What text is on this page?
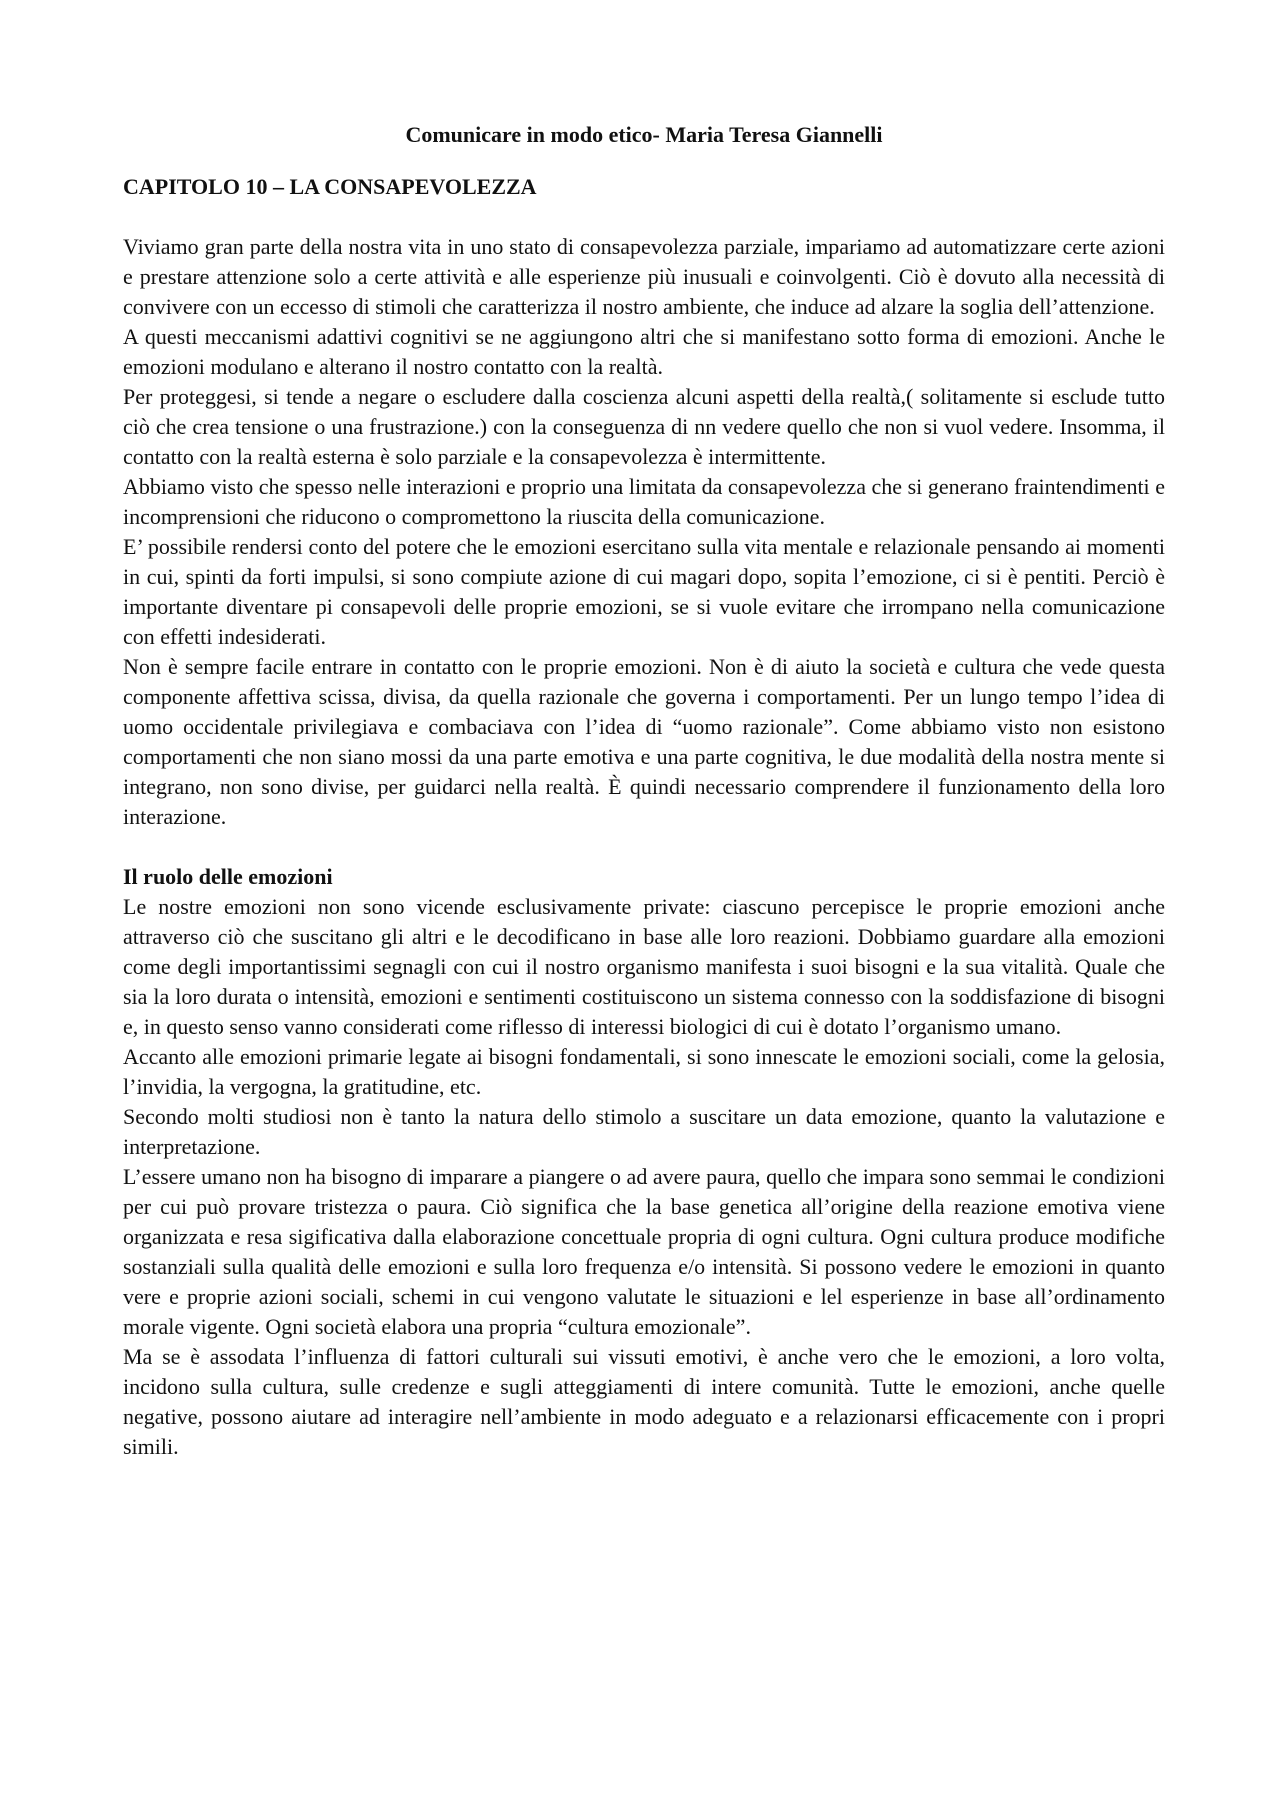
Comunicare in modo etico- Maria Teresa Giannelli
CAPITOLO 10 – LA CONSAPEVOLEZZA

Viviamo gran parte della nostra vita in uno stato di consapevolezza parziale, impariamo ad automatizzare certe azioni e prestare attenzione solo a certe attività e alle esperienze più inusuali e coinvolgenti. Ciò è dovuto alla necessità di convivere con un eccesso di stimoli che caratterizza il nostro ambiente, che induce ad alzare la soglia dell’attenzione.

A questi meccanismi adattivi cognitivi se ne aggiungono altri che si manifestano sotto forma di emozioni. Anche le emozioni modulano e alterano il nostro contatto con la realtà.

Per proteggesi, si tende a negare o escludere dalla coscienza alcuni aspetti della realtà,( solitamente si esclude tutto ciò che crea tensione o una frustrazione.) con la conseguenza di nn vedere quello che non si vuol vedere. Insomma, il contatto con la realtà esterna è solo parziale e la consapevolezza è intermittente.

Abbiamo visto che spesso nelle interazioni e proprio una limitata da consapevolezza che si generano fraintendimenti e incomprensioni che riducono o compromettono la riuscita della comunicazione.

E’ possibile rendersi conto del potere che le emozioni esercitano sulla vita mentale e relazionale pensando ai momenti in cui, spinti da forti impulsi, si sono compiute azione di cui magari dopo, sopita l’emozione, ci si è pentiti. Perciò è importante diventare pi consapevoli delle proprie emozioni, se si vuole evitare che irrompano nella comunicazione con effetti indesiderati.

Non è sempre facile entrare in contatto con le proprie emozioni. Non è di aiuto la società e cultura che vede questa componente affettiva scissa, divisa, da quella razionale che governa i comportamenti. Per un lungo tempo l’idea di uomo occidentale privilegiava e combaciava con l’idea di “uomo razionale”. Come abbiamo visto non esistono comportamenti che non siano mossi da una parte emotiva e una parte cognitiva, le due modalità della nostra mente si integrano, non sono divise, per guidarci nella realtà. È quindi necessario comprendere il funzionamento della loro interazione.

Il ruolo delle emozioni

Le nostre emozioni non sono vicende esclusivamente private: ciascuno percepisce le proprie emozioni anche attraverso ciò che suscitano gli altri e le decodificano in base alle loro reazioni. Dobbiamo guardare alla emozioni come degli importantissimi segnagli con cui il nostro organismo manifesta i suoi bisogni e la sua vitalità. Quale che sia la loro durata o intensità, emozioni e sentimenti costituiscono un sistema connesso con la soddisfazione di bisogni e, in questo senso vanno considerati come riflesso di interessi biologici di cui è dotato l’organismo umano.

Accanto alle emozioni primarie legate ai bisogni fondamentali, si sono innescate le emozioni sociali, come la gelosia, l’invidia, la vergogna, la gratitudine, etc.

Secondo molti studiosi non è tanto la natura dello stimolo a suscitare un data emozione, quanto la valutazione e interpretazione.

L’essere umano non ha bisogno di imparare a piangere o ad avere paura, quello che impara sono semmai le condizioni per cui può provare tristezza o paura. Ciò significa che la base genetica all’origine della reazione emotiva viene organizzata e resa sigificativa dalla elaborazione concettuale propria di ogni cultura. Ogni cultura produce modifiche sostanziali sulla qualità delle emozioni e sulla loro frequenza e/o intensità. Si possono vedere le emozioni in quanto vere e proprie azioni sociali, schemi in cui vengono valutate le situazioni e lel esperienze in base all’ordinamento morale vigente. Ogni società elabora una propria “cultura emozionale”.

Ma se è assodata l’influenza di fattori culturali sui vissuti emotivi, è anche vero che le emozioni, a loro volta, incidono sulla cultura, sulle credenze e sugli atteggiamenti di intere comunità. Tutte le emozioni, anche quelle negative, possono aiutare ad interagire nell’ambiente in modo adeguato e a relazionarsi efficacemente con i propri simili.
